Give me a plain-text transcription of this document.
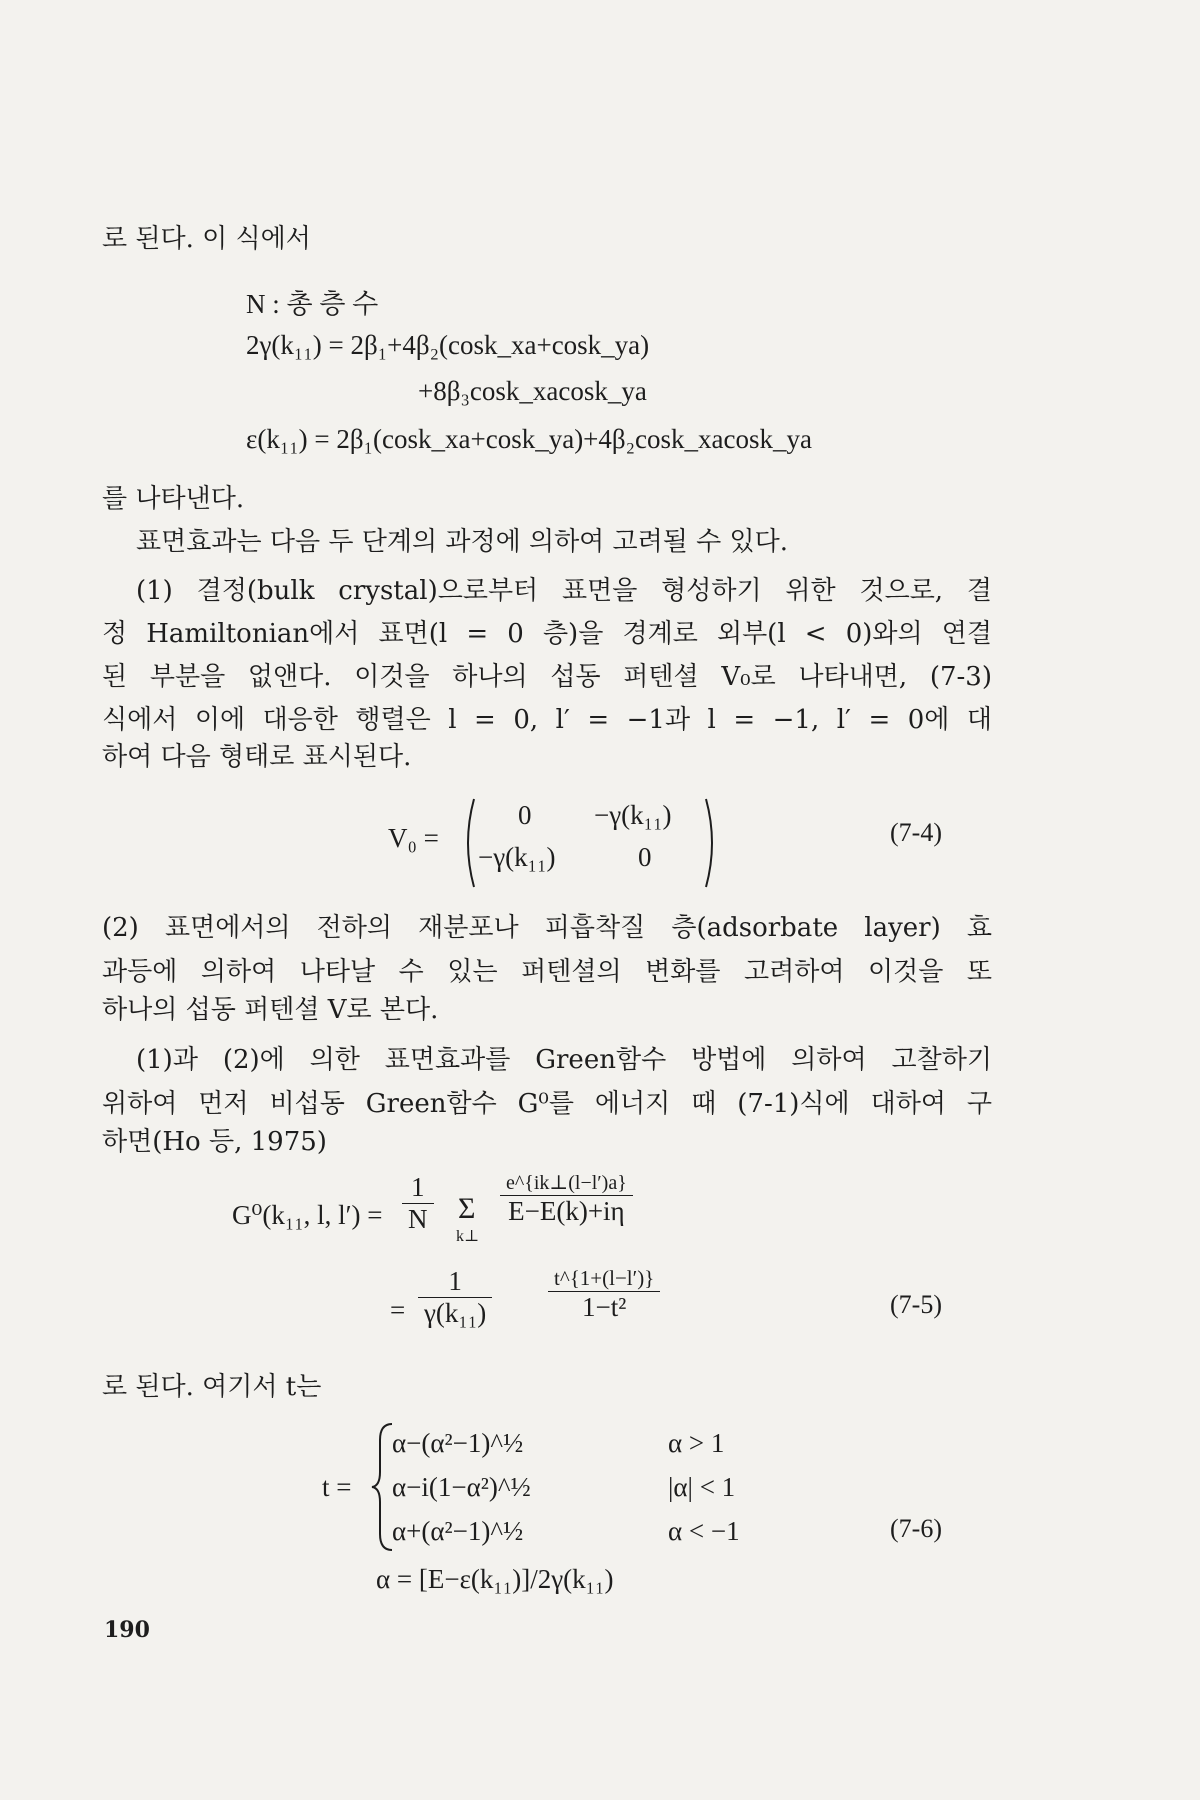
로 된다. 이 식에서
N : 총 층 수
2γ(k₁₁) = 2β₁+4β₂(cosk_xa+cosk_ya)
+8β₃cosk_xacosk_ya
ε(k₁₁) = 2β₁(cosk_xa+cosk_ya)+4β₂cosk_xacosk_ya
를 나타낸다.
표면효과는 다음 두 단계의 과정에 의하여 고려될 수 있다.
(1) 결정(bulk crystal)으로부터 표면을 형성하기 위한 것으로, 결
정 Hamiltonian에서 표면(l = 0 층)을 경계로 외부(l < 0)와의 연결
된 부분을 없앤다. 이것을 하나의 섭동 퍼텐셜 V₀로 나타내면, (7-3)
식에서 이에 대응한 행렬은 l = 0, l′ = −1과 l = −1, l′ = 0에 대
하여 다음 형태로 표시된다.
V₀ =
0 −γ(k₁₁)
−γ(k₁₁)	0
(7-4)
(2) 표면에서의 전하의 재분포나 피흡착질 층(adsorbate layer) 효
과등에 의하여 나타날 수 있는 퍼텐셜의 변화를 고려하여 이것을 또
하나의 섭동 퍼텐셜 V로 본다.
(1)과 (2)에 의한 표면효과를 Green함수 방법에 의하여 고찰하기
위하여 먼저 비섭동 Green함수 G⁰를 에너지 때 (7-1)식에 대하여 구
하면(Ho 등, 1975)
G⁰(k₁₁, l, $l') = \frac{1}{N}$ Σ
k⊥
e^{ik⊥(l−l′)a}
E−E(k)+iη
= $\frac{1}{\text{γ(k₁₁)}}$	t^{1+(l−l′)}
1−t²	(7-5)
로 된다. 여기서 t는
t =
α−(α²−1)^½	α > 1
α−i(1−α²)^½	|α| < 1
α+(α²−1)^½	α < −1	(7-6)
α = [E−ε(k₁₁)]/2γ(k₁₁)
190
